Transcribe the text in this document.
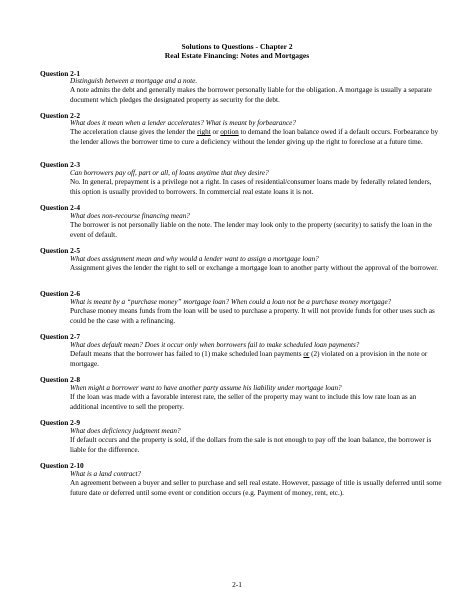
Solutions to Questions - Chapter 2
Real Estate Financing: Notes and Mortgages
Question 2-1
Distinguish between a mortgage and a note.
A note admits the debt and generally makes the borrower personally liable for the obligation. A mortgage is usually a separate document which pledges the designated property as security for the debt.
Question 2-2
What does it mean when a lender accelerates? What is meant by forbearance?
The acceleration clause gives the lender the right or option to demand the loan balance owed if a default occurs. Forbearance by the lender allows the borrower time to cure a deficiency without the lender giving up the right to foreclose at a future time.
Question 2-3
Can borrowers pay off, part or all, of loans anytime that they desire?
No. In general, prepayment is a privilege not a right. In cases of residential/consumer loans made by federally related lenders, this option is usually provided to borrowers. In commercial real estate loans it is not.
Question 2-4
What does non-recourse financing mean?
The borrower is not personally liable on the note. The lender may look only to the property (security) to satisfy the loan in the event of default.
Question 2-5
What does assignment mean and why would a lender want to assign a mortgage loan?
Assignment gives the lender the right to sell or exchange a mortgage loan to another party without the approval of the borrower.
Question 2-6
What is meant by a “purchase money” mortgage loan? When could a loan not be a purchase money mortgage?
Purchase money means funds from the loan will be used to purchase a property. It will not provide funds for other uses such as could be the case with a refinancing.
Question 2-7
What does default mean? Does it occur only when borrowers fail to make scheduled loan payments?
Default means that the borrower has failed to (1) make scheduled loan payments or (2) violated on a provision in the note or mortgage.
Question 2-8
When might a borrower want to have another party assume his liability under mortgage loan?
If the loan was made with a favorable interest rate, the seller of the property may want to include this low rate loan as an additional incentive to sell the property.
Question 2-9
What does deficiency judgment mean?
If default occurs and the property is sold, if the dollars from the sale is not enough to pay off the loan balance, the borrower is liable for the difference.
Question 2-10
What is a land contract?
An agreement between a buyer and seller to purchase and sell real estate. However, passage of title is usually deferred until some future date or deferred until some event or condition occurs (e.g. Payment of money, rent, etc.).
2-1
